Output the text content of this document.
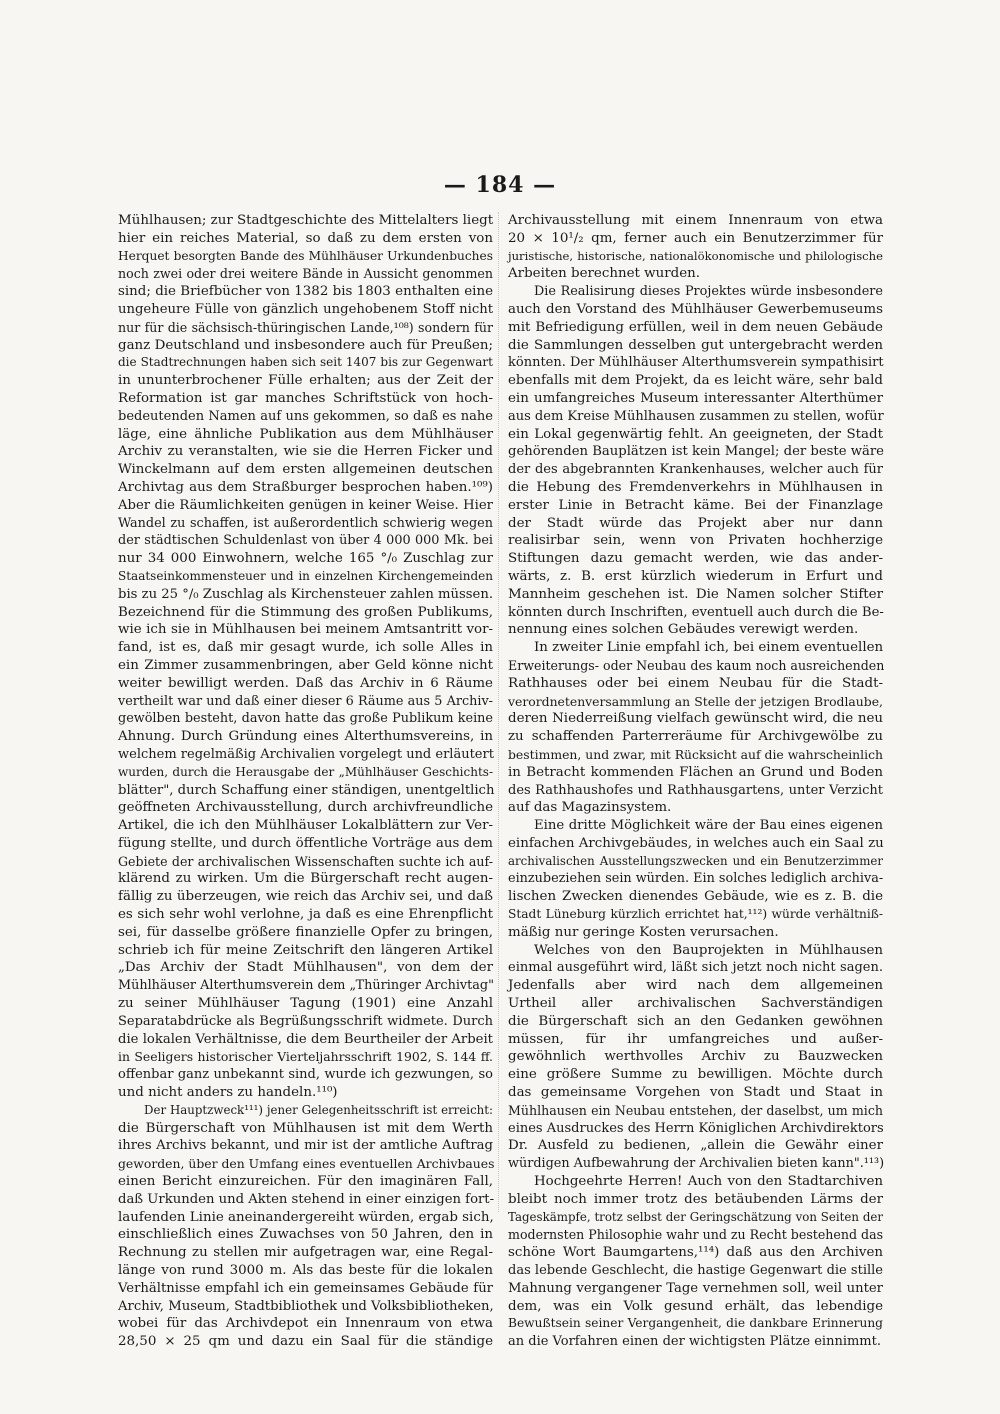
— 184 —
Mühlhausen; zur Stadtgeschichte des Mittelalters liegt
hier ein reiches Material, so daß zu dem ersten von
Herquet besorgten Bande des Mühlhäuser Urkundenbuches
noch zwei oder drei weitere Bände in Aussicht genommen
sind; die Briefbücher von 1382 bis 1803 enthalten eine
ungeheure Fülle von gänzlich ungehobenem Stoff nicht
nur für die sächsisch-thüringischen Lande,¹⁰⁸) sondern für
ganz Deutschland und insbesondere auch für Preußen;
die Stadtrechnungen haben sich seit 1407 bis zur Gegenwart
in ununterbrochener Fülle erhalten; aus der Zeit der
Reformation ist gar manches Schriftstück von hoch-
bedeutenden Namen auf uns gekommen, so daß es nahe
läge, eine ähnliche Publikation aus dem Mühlhäuser
Archiv zu veranstalten, wie sie die Herren Ficker und
Winckelmann auf dem ersten allgemeinen deutschen
Archivtag aus dem Straßburger besprochen haben.¹⁰⁹)
Aber die Räumlichkeiten genügen in keiner Weise. Hier
Wandel zu schaffen, ist außerordentlich schwierig wegen
der städtischen Schuldenlast von über 4 000 000 Mk. bei
nur 34 000 Einwohnern, welche 165 °/₀ Zuschlag zur
Staatseinkommensteuer und in einzelnen Kirchengemeinden
bis zu 25 °/₀ Zuschlag als Kirchensteuer zahlen müssen.
Bezeichnend für die Stimmung des großen Publikums,
wie ich sie in Mühlhausen bei meinem Amtsantritt vor-
fand, ist es, daß mir gesagt wurde, ich solle Alles in
ein Zimmer zusammenbringen, aber Geld könne nicht
weiter bewilligt werden. Daß das Archiv in 6 Räume
vertheilt war und daß einer dieser 6 Räume aus 5 Archiv-
gewölben besteht, davon hatte das große Publikum keine
Ahnung. Durch Gründung eines Alterthumsvereins, in
welchem regelmäßig Archivalien vorgelegt und erläutert
wurden, durch die Herausgabe der „Mühlhäuser Geschichts-
blätter", durch Schaffung einer ständigen, unentgeltlich
geöffneten Archivausstellung, durch archivfreundliche
Artikel, die ich den Mühlhäuser Lokalblättern zur Ver-
fügung stellte, und durch öffentliche Vorträge aus dem
Gebiete der archivalischen Wissenschaften suchte ich auf-
klärend zu wirken. Um die Bürgerschaft recht augen-
fällig zu überzeugen, wie reich das Archiv sei, und daß
es sich sehr wohl verlohne, ja daß es eine Ehrenpflicht
sei, für dasselbe größere finanzielle Opfer zu bringen,
schrieb ich für meine Zeitschrift den längeren Artikel
„Das Archiv der Stadt Mühlhausen", von dem der
Mühlhäuser Alterthumsverein dem „Thüringer Archivtag"
zu seiner Mühlhäuser Tagung (1901) eine Anzahl
Separatabdrücke als Begrüßungsschrift widmete. Durch
die lokalen Verhältnisse, die dem Beurtheiler der Arbeit
in Seeligers historischer Vierteljahrsschrift 1902, S. 144 ff.
offenbar ganz unbekannt sind, wurde ich gezwungen, so
und nicht anders zu handeln.¹¹⁰)
Der Hauptzweck¹¹¹) jener Gelegenheitsschrift ist erreicht:
die Bürgerschaft von Mühlhausen ist mit dem Werth
ihres Archivs bekannt, und mir ist der amtliche Auftrag
geworden, über den Umfang eines eventuellen Archivbaues
einen Bericht einzureichen. Für den imaginären Fall,
daß Urkunden und Akten stehend in einer einzigen fort-
laufenden Linie aneinandergereiht würden, ergab sich,
einschließlich eines Zuwachses von 50 Jahren, den in
Rechnung zu stellen mir aufgetragen war, eine Regal-
länge von rund 3000 m. Als das beste für die lokalen
Verhältnisse empfahl ich ein gemeinsames Gebäude für
Archiv, Museum, Stadtbibliothek und Volksbibliotheken,
wobei für das Archivdepot ein Innenraum von etwa
28,50 × 25 qm und dazu ein Saal für die ständige
Archivausstellung mit einem Innenraum von etwa
20 × 10¹/₂ qm, ferner auch ein Benutzerzimmer für
juristische, historische, nationalökonomische und philologische
Arbeiten berechnet wurden.
Die Realisirung dieses Projektes würde insbesondere
auch den Vorstand des Mühlhäuser Gewerbemuseums
mit Befriedigung erfüllen, weil in dem neuen Gebäude
die Sammlungen desselben gut untergebracht werden
könnten. Der Mühlhäuser Alterthumsverein sympathisirt
ebenfalls mit dem Projekt, da es leicht wäre, sehr bald
ein umfangreiches Museum interessanter Alterthümer
aus dem Kreise Mühlhausen zusammen zu stellen, wofür
ein Lokal gegenwärtig fehlt. An geeigneten, der Stadt
gehörenden Bauplätzen ist kein Mangel; der beste wäre
der des abgebrannten Krankenhauses, welcher auch für
die Hebung des Fremdenverkehrs in Mühlhausen in
erster Linie in Betracht käme. Bei der Finanzlage
der Stadt würde das Projekt aber nur dann
realisirbar sein, wenn von Privaten hochherzige
Stiftungen dazu gemacht werden, wie das ander-
wärts, z. B. erst kürzlich wiederum in Erfurt und
Mannheim geschehen ist. Die Namen solcher Stifter
könnten durch Inschriften, eventuell auch durch die Be-
nennung eines solchen Gebäudes verewigt werden.
In zweiter Linie empfahl ich, bei einem eventuellen
Erweiterungs- oder Neubau des kaum noch ausreichenden
Rathhauses oder bei einem Neubau für die Stadt-
verordnetenversammlung an Stelle der jetzigen Brodlaube,
deren Niederreißung vielfach gewünscht wird, die neu
zu schaffenden Parterreräume für Archivgewölbe zu
bestimmen, und zwar, mit Rücksicht auf die wahrscheinlich
in Betracht kommenden Flächen an Grund und Boden
des Rathhaushofes und Rathhausgartens, unter Verzicht
auf das Magazinsystem.
Eine dritte Möglichkeit wäre der Bau eines eigenen
einfachen Archivgebäudes, in welches auch ein Saal zu
archivalischen Ausstellungszwecken und ein Benutzerzimmer
einzubeziehen sein würden. Ein solches lediglich archiva-
lischen Zwecken dienendes Gebäude, wie es z. B. die
Stadt Lüneburg kürzlich errichtet hat,¹¹²) würde verhältniß-
mäßig nur geringe Kosten verursachen.
Welches von den Bauprojekten in Mühlhausen
einmal ausgeführt wird, läßt sich jetzt noch nicht sagen.
Jedenfalls aber wird nach dem allgemeinen
Urtheil aller archivalischen Sachverständigen
die Bürgerschaft sich an den Gedanken gewöhnen
müssen, für ihr umfangreiches und außer-
gewöhnlich werthvolles Archiv zu Bauzwecken
eine größere Summe zu bewilligen. Möchte durch
das gemeinsame Vorgehen von Stadt und Staat in
Mühlhausen ein Neubau entstehen, der daselbst, um mich
eines Ausdruckes des Herrn Königlichen Archivdirektors
Dr. Ausfeld zu bedienen, „allein die Gewähr einer
würdigen Aufbewahrung der Archivalien bieten kann".¹¹³)
Hochgeehrte Herren! Auch von den Stadtarchiven
bleibt noch immer trotz des betäubenden Lärms der
Tageskämpfe, trotz selbst der Geringschätzung von Seiten der
modernsten Philosophie wahr und zu Recht bestehend das
schöne Wort Baumgartens,¹¹⁴) daß aus den Archiven
das lebende Geschlecht, die hastige Gegenwart die stille
Mahnung vergangener Tage vernehmen soll, weil unter
dem, was ein Volk gesund erhält, das lebendige
Bewußtsein seiner Vergangenheit, die dankbare Erinnerung
an die Vorfahren einen der wichtigsten Plätze einnimmt.
